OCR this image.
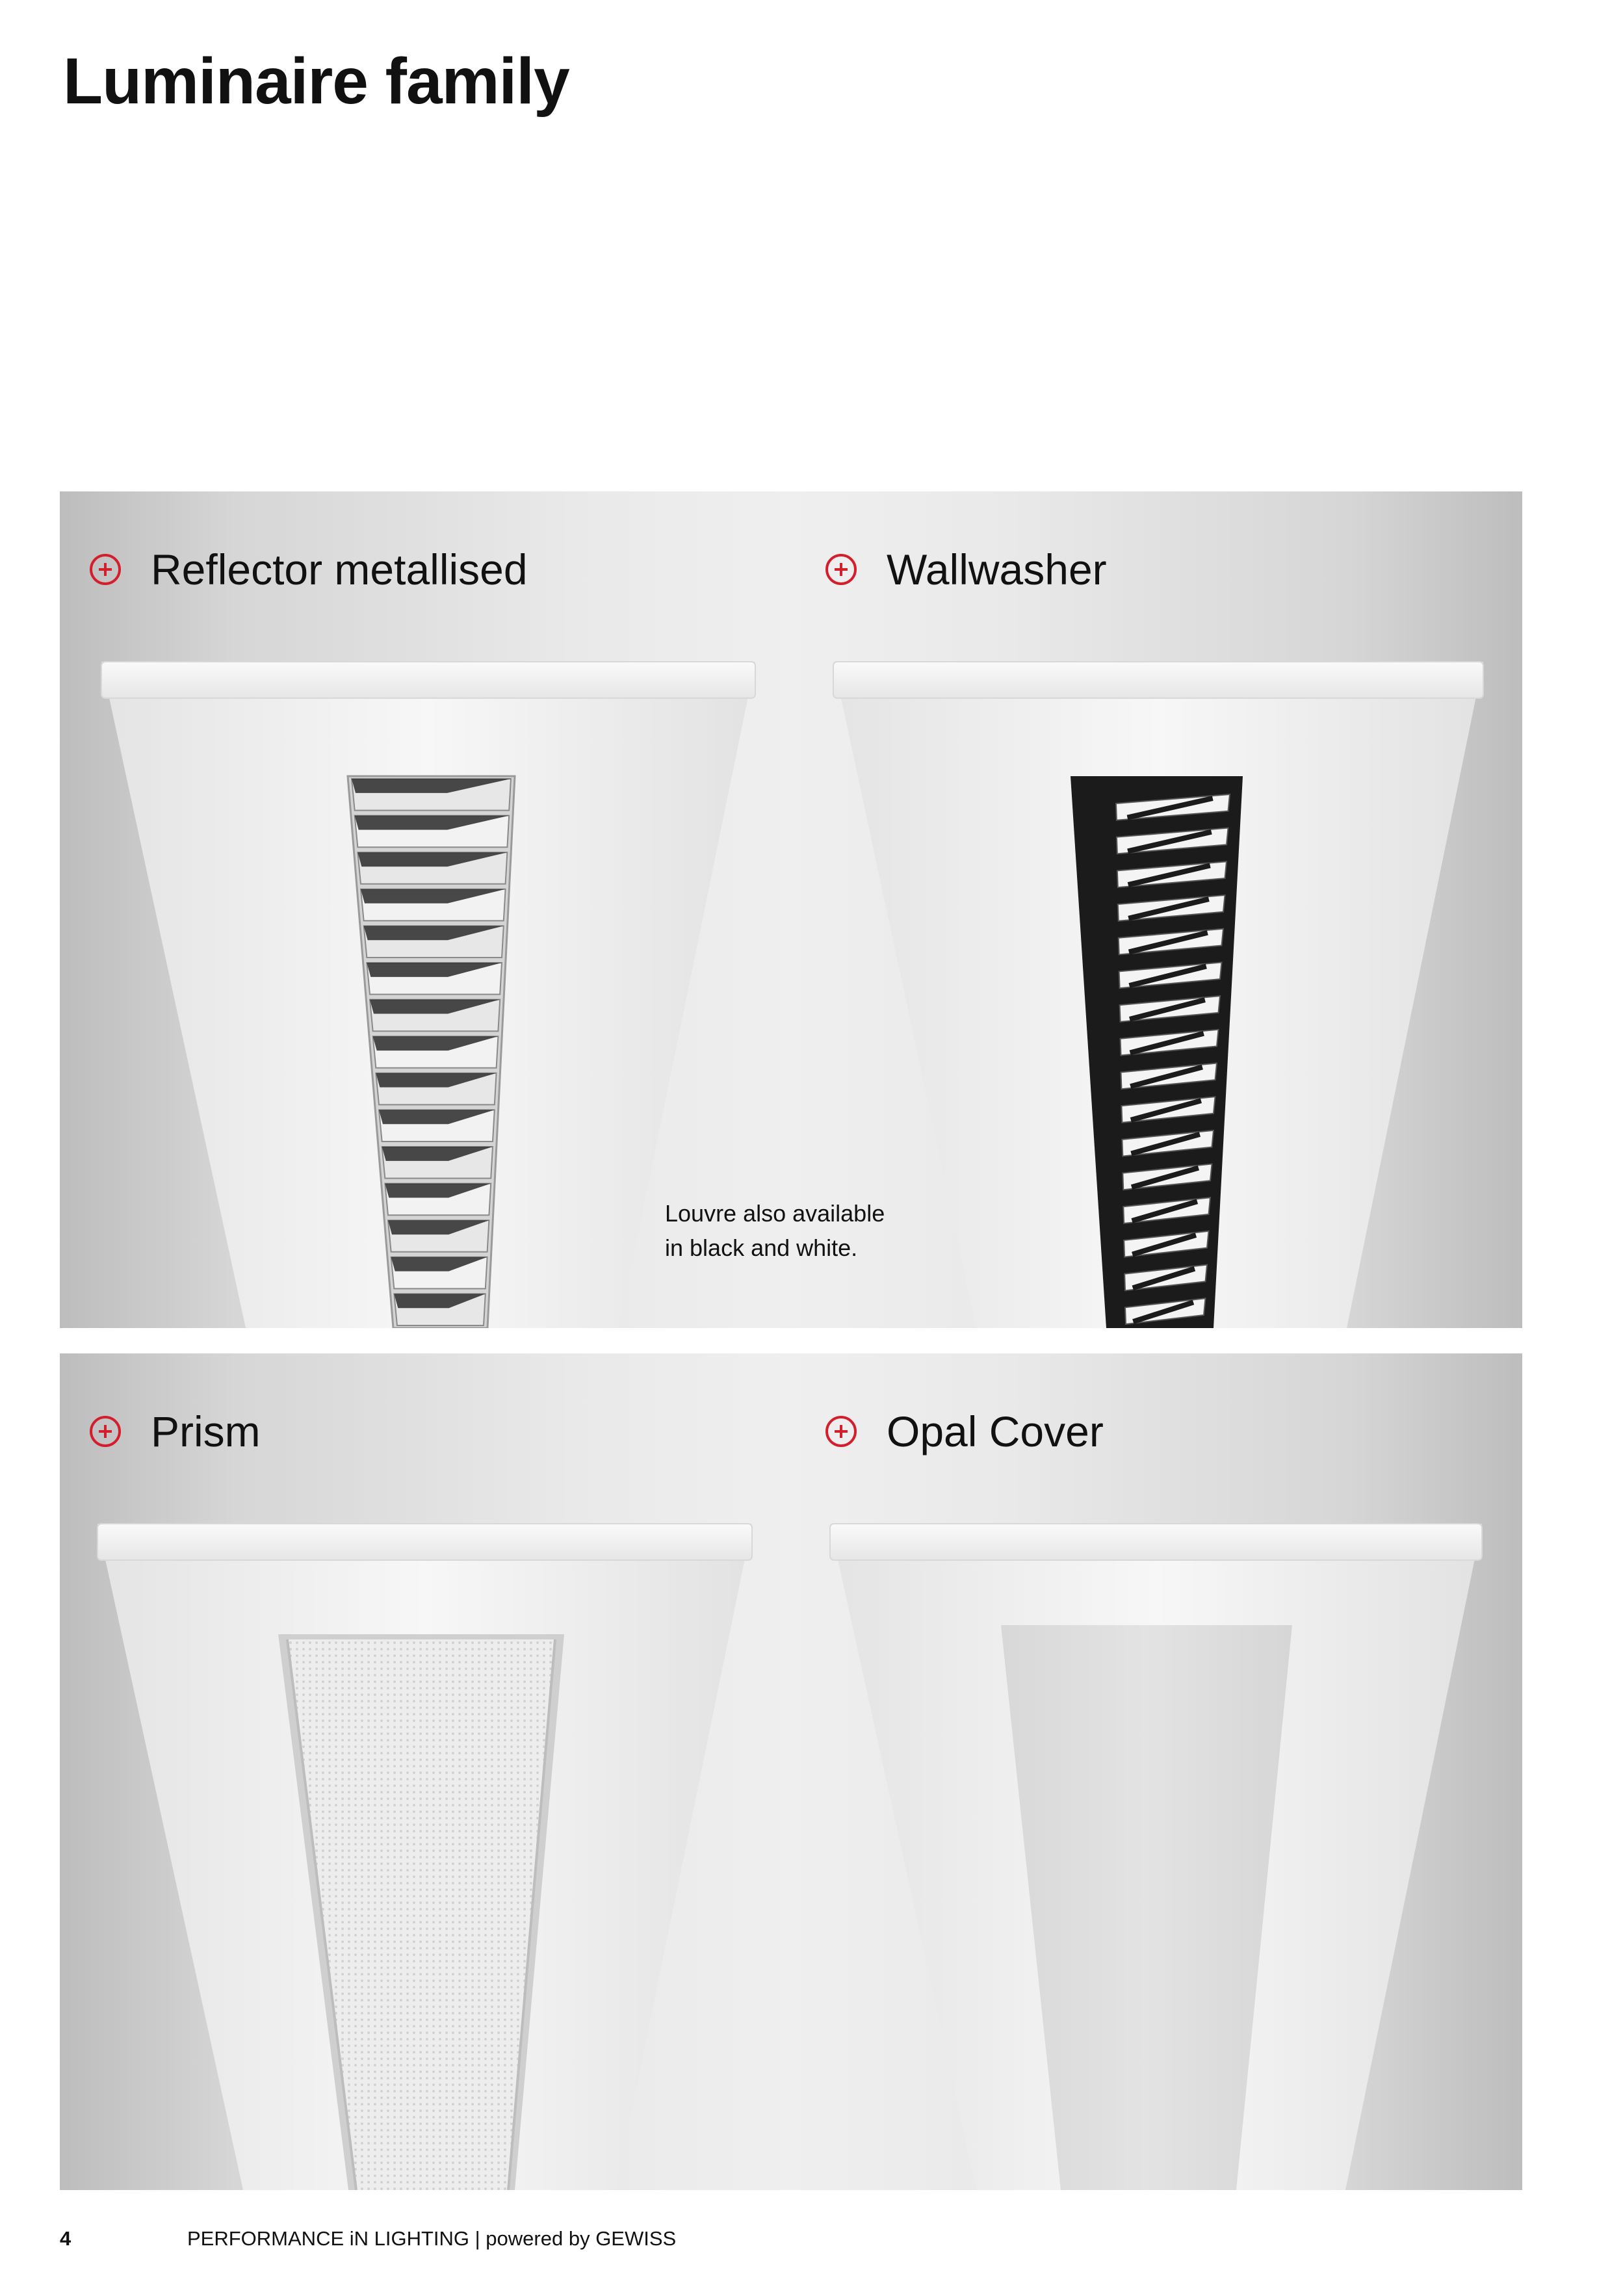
Luminaire family
Reflector metallised	Wallwasher
Louvre also available
in black and white.
Prism	Opal Cover
4	PERFORMANCE iN LIGHTING | powered by GEWISS
